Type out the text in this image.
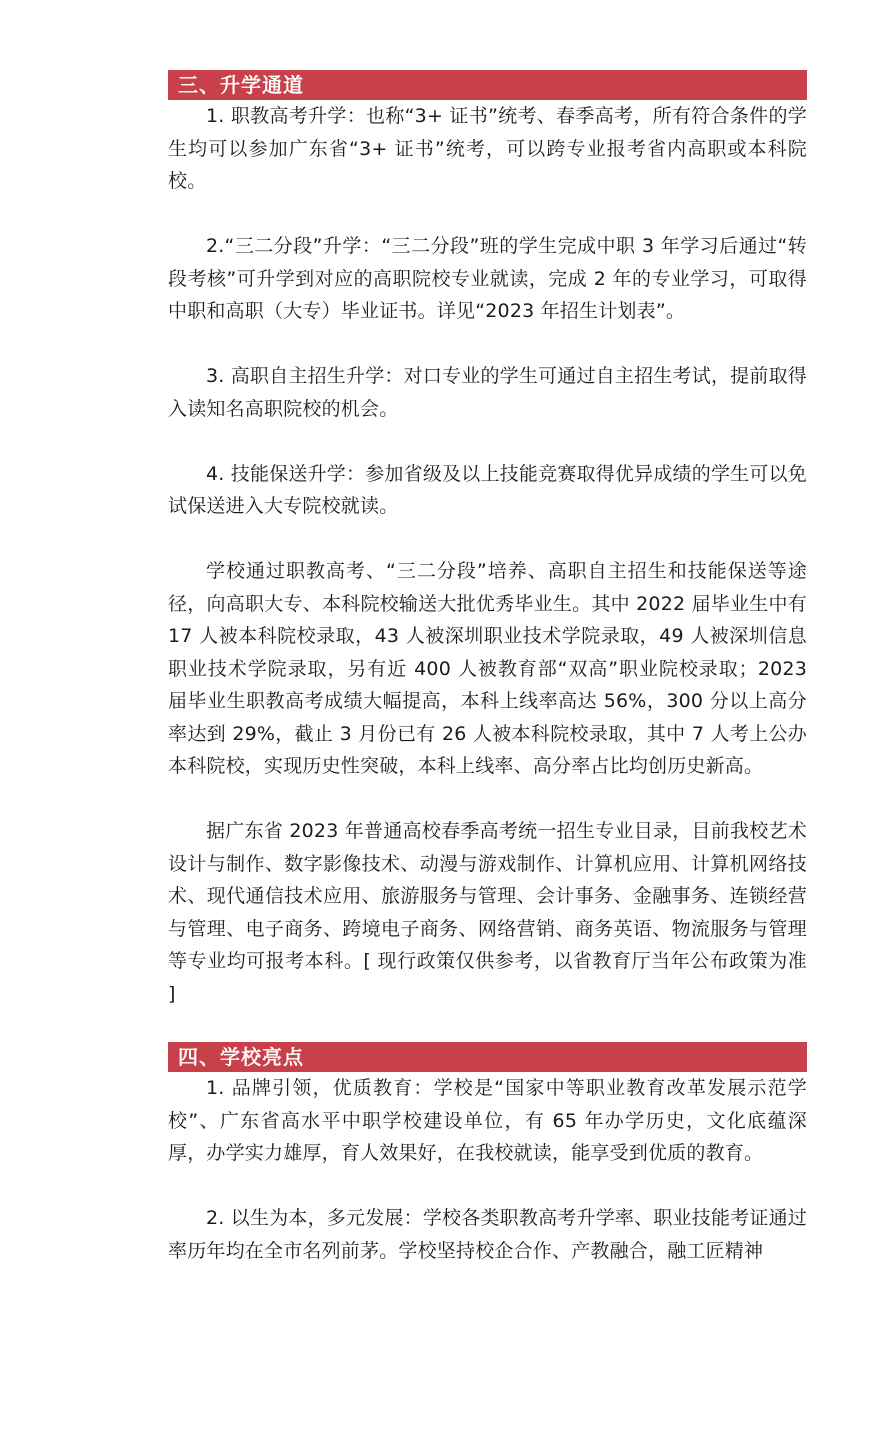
三、升学通道

1. 职教高考升学：也称“3+ 证书”统考、春季高考，所有符合条件的学生均可以参加广东省“3+ 证书”统考，可以跨专业报考省内高职或本科院校。

2.“三二分段”升学：“三二分段”班的学生完成中职 3 年学习后通过“转段考核”可升学到对应的高职院校专业就读，完成 2 年的专业学习，可取得中职和高职（大专）毕业证书。详见“2023 年招生计划表”。

3. 高职自主招生升学：对口专业的学生可通过自主招生考试，提前取得入读知名高职院校的机会。

4. 技能保送升学：参加省级及以上技能竞赛取得优异成绩的学生可以免试保送进入大专院校就读。

学校通过职教高考、“三二分段”培养、高职自主招生和技能保送等途径，向高职大专、本科院校输送大批优秀毕业生。其中 2022 届毕业生中有 17 人被本科院校录取，43 人被深圳职业技术学院录取，49 人被深圳信息职业技术学院录取，另有近 400 人被教育部“双高”职业院校录取；2023 届毕业生职教高考成绩大幅提高，本科上线率高达 56%，300 分以上高分率达到 29%，截止 3 月份已有 26 人被本科院校录取，其中 7 人考上公办本科院校，实现历史性突破，本科上线率、高分率占比均创历史新高。

据广东省 2023 年普通高校春季高考统一招生专业目录，目前我校艺术设计与制作、数字影像技术、动漫与游戏制作、计算机应用、计算机网络技术、现代通信技术应用、旅游服务与管理、会计事务、金融事务、连锁经营与管理、电子商务、跨境电子商务、网络营销、商务英语、物流服务与管理等专业均可报考本科。[ 现行政策仅供参考，以省教育厅当年公布政策为准 ]

四、学校亮点

1. 品牌引领，优质教育：学校是“国家中等职业教育改革发展示范学校”、广东省高水平中职学校建设单位，有 65 年办学历史，文化底蕴深厚，办学实力雄厚，育人效果好，在我校就读，能享受到优质的教育。

2. 以生为本，多元发展：学校各类职教高考升学率、职业技能考证通过率历年均在全市名列前茅。学校坚持校企合作、产教融合，融工匠精神
